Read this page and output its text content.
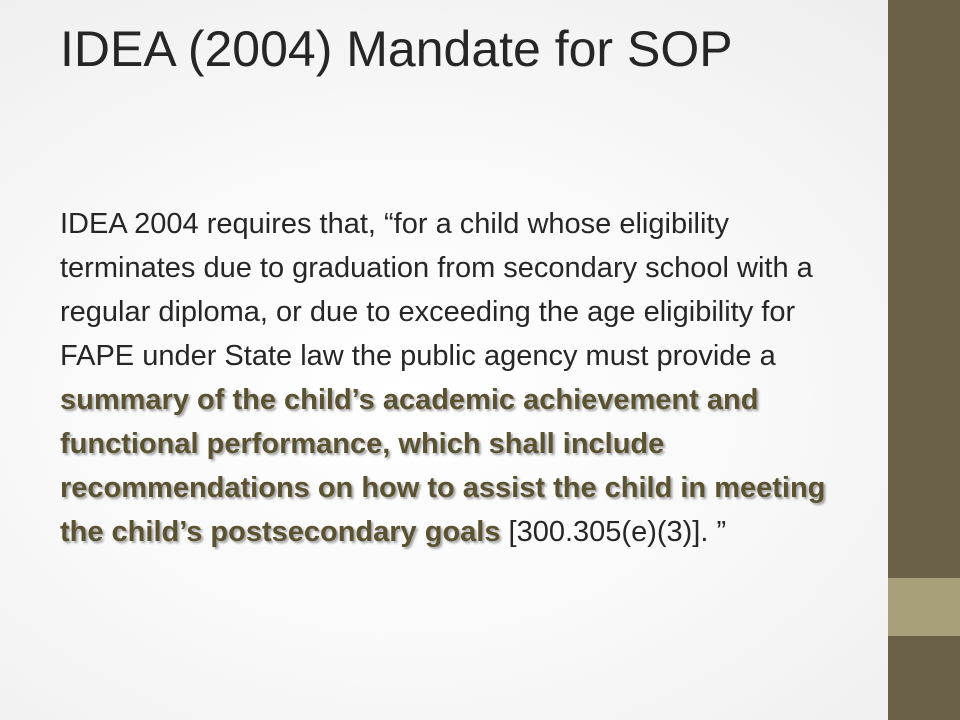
IDEA (2004) Mandate for SOP

IDEA 2004 requires that, “for a child whose eligibility terminates due to graduation from secondary school with a regular diploma, or due to exceeding the age eligibility for FAPE under State law the public agency must provide a summary of the child’s academic achievement and functional performance, which shall include recommendations on how to assist the child in meeting the child’s postsecondary goals [300.305(e)(3)]. ”
